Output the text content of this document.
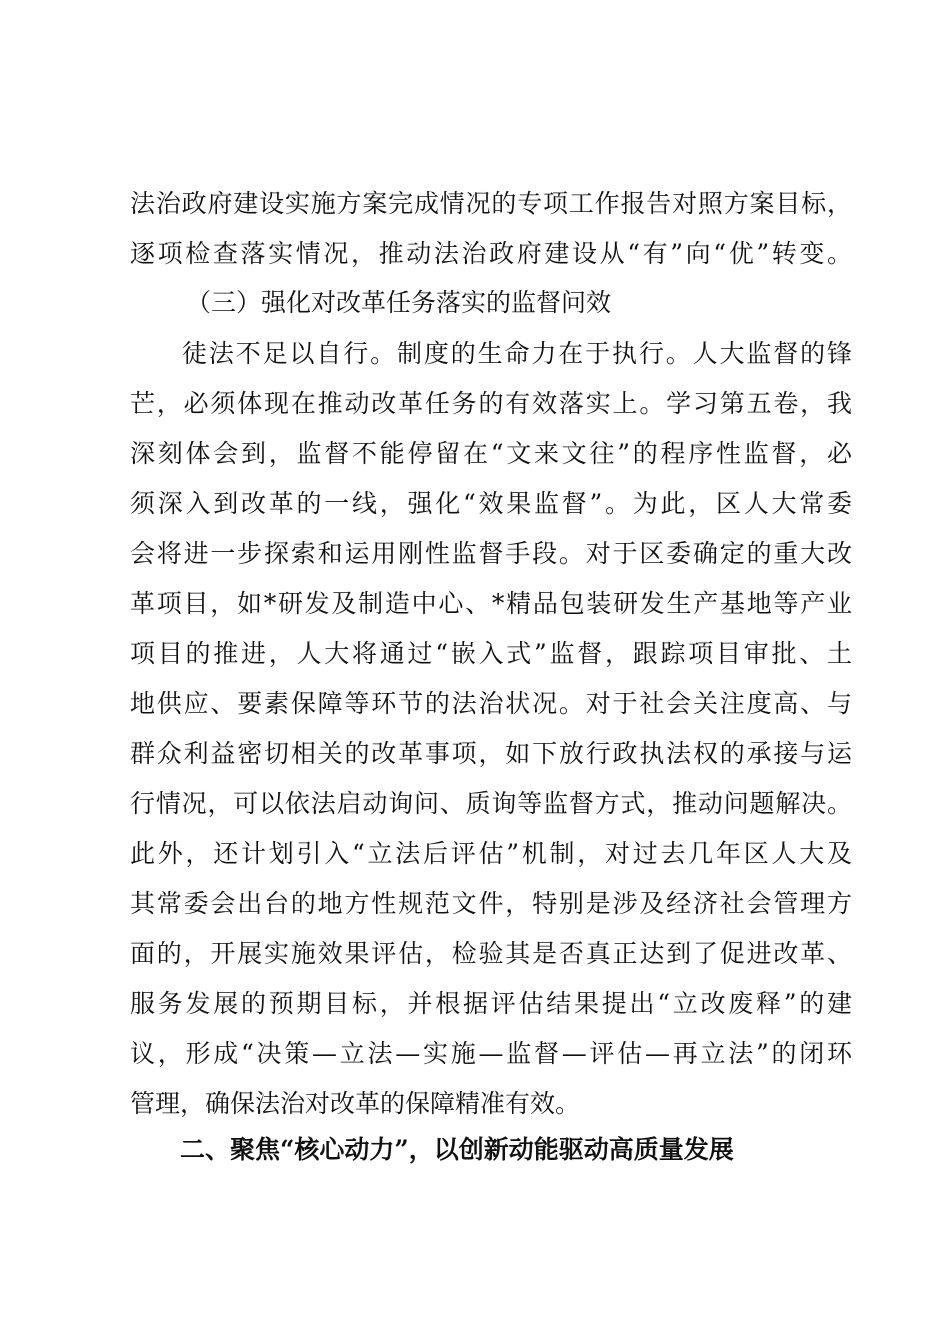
法治政府建设实施方案完成情况的专项工作报告对照方案目标，
逐项检查落实情况，推动法治政府建设从“有”向“优”转变。
（三）强化对改革任务落实的监督问效
徒法不足以自行。制度的生命力在于执行。人大监督的锋
芒，必须体现在推动改革任务的有效落实上。学习第五卷，我
深刻体会到，监督不能停留在“文来文往”的程序性监督，必
须深入到改革的一线，强化“效果监督”。为此，区人大常委
会将进一步探索和运用刚性监督手段。对于区委确定的重大改
革项目，如*研发及制造中心、*精品包装研发生产基地等产业
项目的推进，人大将通过“嵌入式”监督，跟踪项目审批、土
地供应、要素保障等环节的法治状况。对于社会关注度高、与
群众利益密切相关的改革事项，如下放行政执法权的承接与运
行情况，可以依法启动询问、质询等监督方式，推动问题解决。
此外，还计划引入“立法后评估”机制，对过去几年区人大及
其常委会出台的地方性规范文件，特别是涉及经济社会管理方
面的，开展实施效果评估，检验其是否真正达到了促进改革、
服务发展的预期目标，并根据评估结果提出“立改废释”的建
议，形成“决策—立法—实施—监督—评估—再立法”的闭环
管理，确保法治对改革的保障精准有效。
二、聚焦“核心动力”，以创新动能驱动高质量发展
